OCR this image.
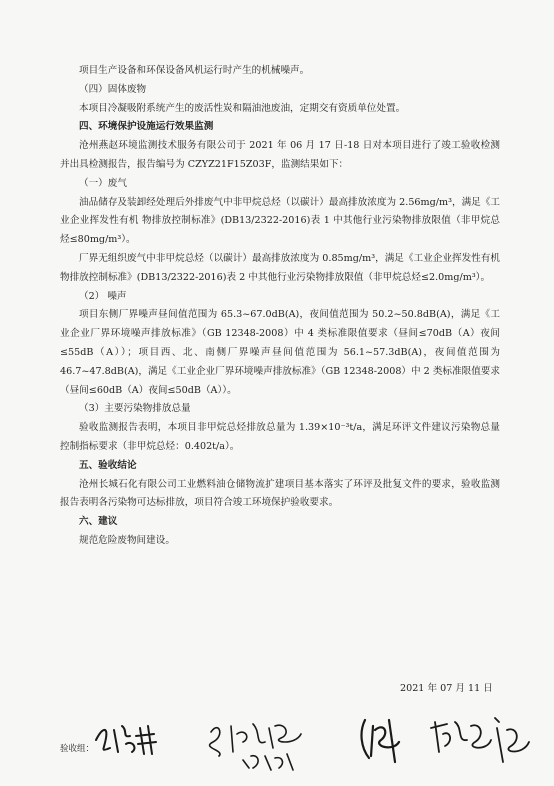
项目生产设备和环保设备风机运行时产生的机械噪声。

（四）固体废物

本项目冷凝吸附系统产生的废活性炭和隔油池废油，定期交有资质单位处置。

四、环境保护设施运行效果监测

沧州燕赵环境监测技术服务有限公司于 2021 年 06 月 17 日-18 日对本项目进行了竣工验收检测并出具检测报告，报告编号为 CZYZ21F15Z03F，监测结果如下：

（一）废气

油品储存及装卸经处理后外排废气中非甲烷总烃（以碳计）最高排放浓度为 2.56mg/m³，满足《工业企业挥发性有机 物排放控制标准》(DB13/2322-2016)表 1 中其他行业污染物排放限值（非甲烷总烃≤80mg/m³）。

厂界无组织废气中非甲烷总烃（以碳计）最高排放浓度为 0.85mg/m³，满足《工业企业挥发性有机 物排放控制标准》(DB13/2322-2016)表 2 中其他行业污染物排放限值（非甲烷总烃≤2.0mg/m³）。

（2） 噪声

项目东侧厂界噪声昼间值范围为 65.3~67.0dB(A)，夜间值范围为 50.2~50.8dB(A)，满足《工业企业厂界环境噪声排放标准》（GB 12348-2008）中 4 类标准限值要求（昼间≤70dB（A）夜间≤55dB（A））；项目西、北、南侧厂界噪声昼间值范围为 56.1~57.3dB(A)，夜间值范围为 46.7~47.8dB(A)，满足《工业企业厂界环境噪声排放标准》（GB 12348-2008）中 2 类标准限值要求（昼间≤60dB（A）夜间≤50dB（A））。

（3）主要污染物排放总量

验收监测报告表明，本项目非甲烷总烃排放总量为 1.39×10⁻³t/a，满足环评文件建议污染物总量控制指标要求（非甲烷总烃：0.402t/a）。

五、验收结论

沧州长城石化有限公司工业燃料油仓储物流扩建项目基本落实了环评及批复文件的要求，验收监测报告表明各污染物可达标排放，项目符合竣工环境保护验收要求。

六、建议

规范危险废物间建设。

2021 年 07 月 11 日
验收组：
